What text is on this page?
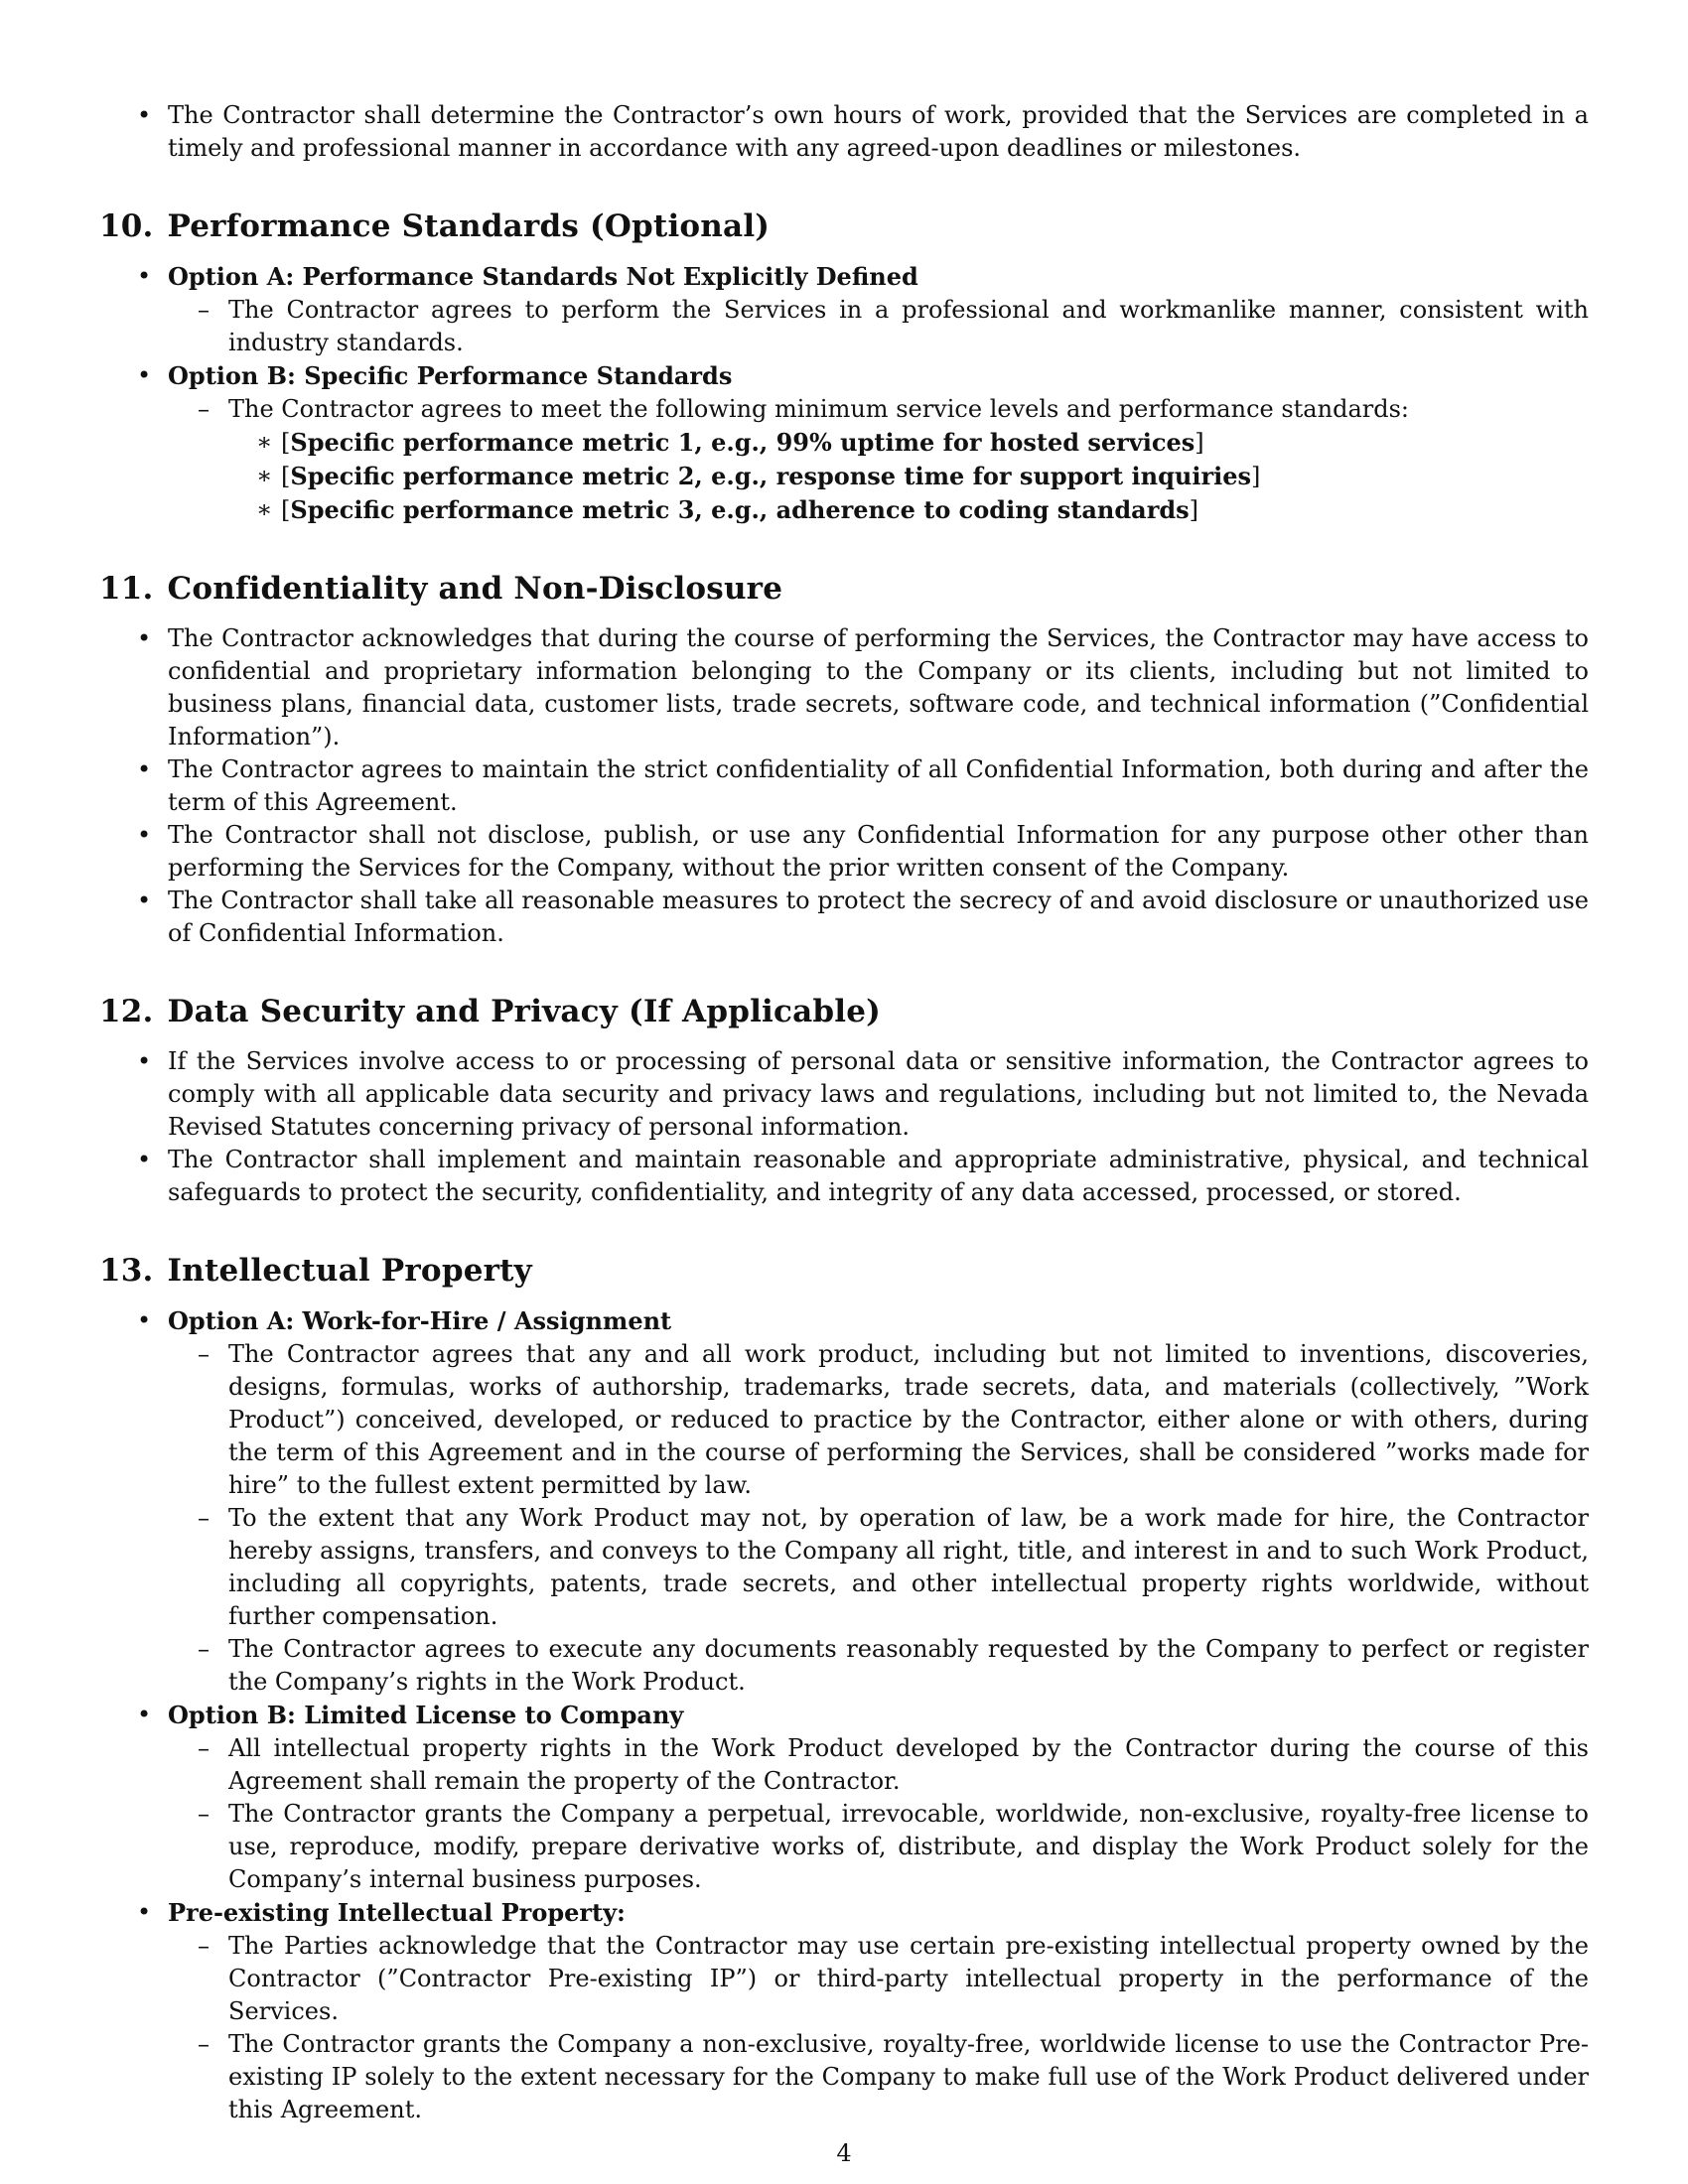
• The Contractor shall determine the Contractor’s own hours of work, provided that the Services are completed in a timely and professional manner in accordance with any agreed-upon deadlines or milestones.
10. Performance Standards (Optional)
• Option A: Performance Standards Not Explicitly Defined
– The Contractor agrees to perform the Services in a professional and workmanlike manner, consistent with industry standards.
• Option B: Specific Performance Standards
– The Contractor agrees to meet the following minimum service levels and performance standards:
∗ [Specific performance metric 1, e.g., 99% uptime for hosted services]
∗ [Specific performance metric 2, e.g., response time for support inquiries]
∗ [Specific performance metric 3, e.g., adherence to coding standards]
11. Confidentiality and Non-Disclosure
• The Contractor acknowledges that during the course of performing the Services, the Contractor may have access to confidential and proprietary information belonging to the Company or its clients, including but not limited to business plans, financial data, customer lists, trade secrets, software code, and technical information (”Confidential Information”).
• The Contractor agrees to maintain the strict confidentiality of all Confidential Information, both during and after the term of this Agreement.
• The Contractor shall not disclose, publish, or use any Confidential Information for any purpose other other than performing the Services for the Company, without the prior written consent of the Company.
• The Contractor shall take all reasonable measures to protect the secrecy of and avoid disclosure or unauthorized use of Confidential Information.
12. Data Security and Privacy (If Applicable)
• If the Services involve access to or processing of personal data or sensitive information, the Contractor agrees to comply with all applicable data security and privacy laws and regulations, including but not limited to, the Nevada Revised Statutes concerning privacy of personal information.
• The Contractor shall implement and maintain reasonable and appropriate administrative, physical, and technical safeguards to protect the security, confidentiality, and integrity of any data accessed, processed, or stored.
13. Intellectual Property
• Option A: Work-for-Hire / Assignment
– The Contractor agrees that any and all work product, including but not limited to inventions, discoveries, designs, formulas, works of authorship, trademarks, trade secrets, data, and materials (collectively, ”Work Product”) conceived, developed, or reduced to practice by the Contractor, either alone or with others, during the term of this Agreement and in the course of performing the Services, shall be considered ”works made for hire” to the fullest extent permitted by law.
– To the extent that any Work Product may not, by operation of law, be a work made for hire, the Contractor hereby assigns, transfers, and conveys to the Company all right, title, and interest in and to such Work Product, including all copyrights, patents, trade secrets, and other intellectual property rights worldwide, without further compensation.
– The Contractor agrees to execute any documents reasonably requested by the Company to perfect or register the Company’s rights in the Work Product.
• Option B: Limited License to Company
– All intellectual property rights in the Work Product developed by the Contractor during the course of this Agreement shall remain the property of the Contractor.
– The Contractor grants the Company a perpetual, irrevocable, worldwide, non-exclusive, royalty-free license to use, reproduce, modify, prepare derivative works of, distribute, and display the Work Product solely for the Company’s internal business purposes.
• Pre-existing Intellectual Property:
– The Parties acknowledge that the Contractor may use certain pre-existing intellectual property owned by the Contractor (”Contractor Pre-existing IP”) or third-party intellectual property in the performance of the Services.
– The Contractor grants the Company a non-exclusive, royalty-free, worldwide license to use the Contractor Pre-existing IP solely to the extent necessary for the Company to make full use of the Work Product delivered under this Agreement.
4
